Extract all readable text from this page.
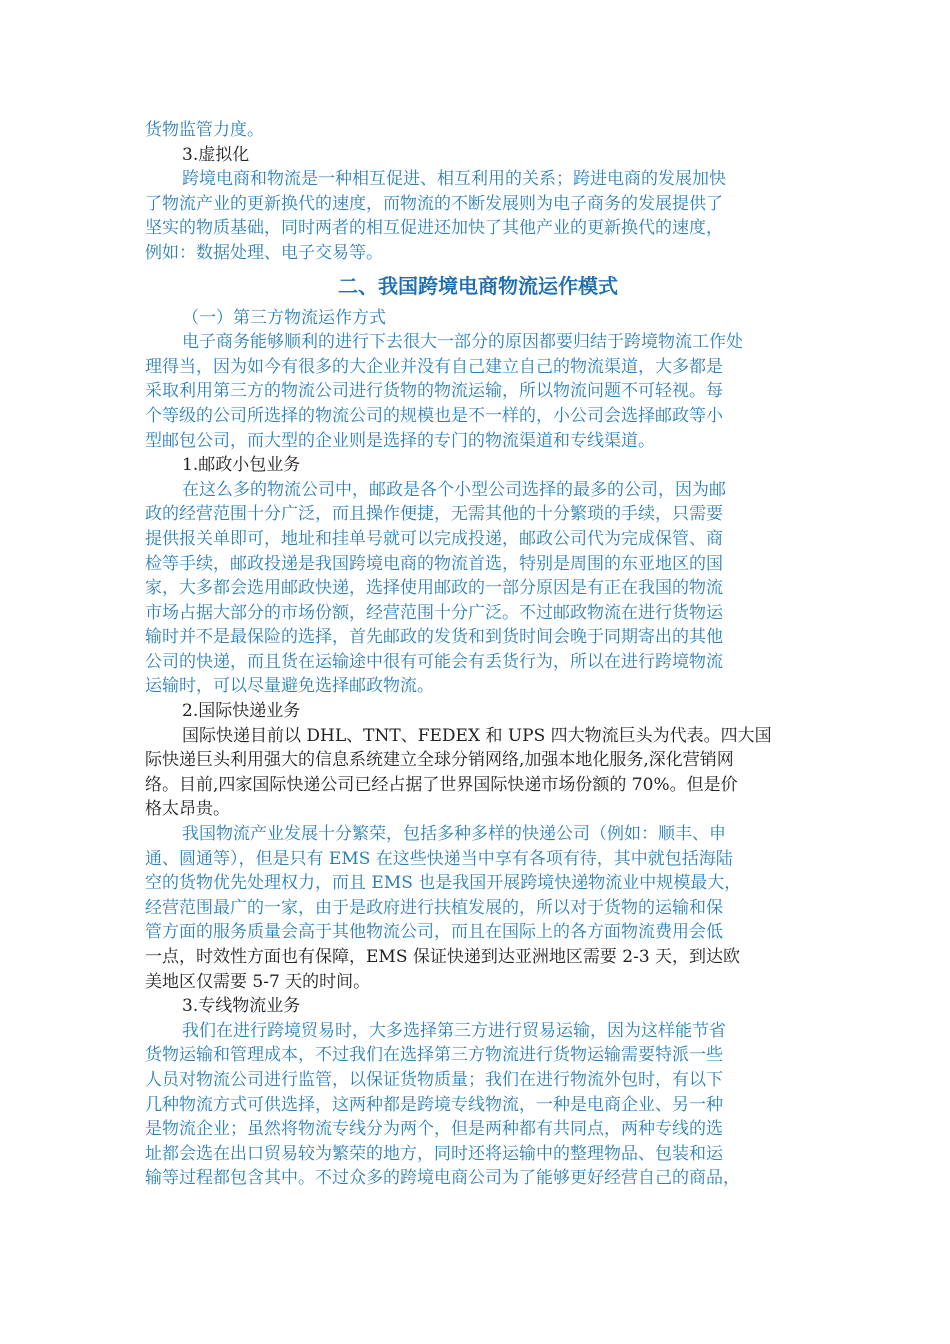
货物监管力度。
3.虚拟化
跨境电商和物流是一种相互促进、相互利用的关系；跨进电商的发展加快
了物流产业的更新换代的速度，而物流的不断发展则为电子商务的发展提供了
坚实的物质基础，同时两者的相互促进还加快了其他产业的更新换代的速度，
例如：数据处理、电子交易等。
二、我国跨境电商物流运作模式
（一）第三方物流运作方式
电子商务能够顺利的进行下去很大一部分的原因都要归结于跨境物流工作处
理得当，因为如今有很多的大企业并没有自己建立自己的物流渠道，大多都是
采取利用第三方的物流公司进行货物的物流运输，所以物流问题不可轻视。每
个等级的公司所选择的物流公司的规模也是不一样的，小公司会选择邮政等小
型邮包公司，而大型的企业则是选择的专门的物流渠道和专线渠道。
1.邮政小包业务
在这么多的物流公司中，邮政是各个小型公司选择的最多的公司，因为邮
政的经营范围十分广泛，而且操作便捷，无需其他的十分繁琐的手续，只需要
提供报关单即可，地址和挂单号就可以完成投递，邮政公司代为完成保管、商
检等手续，邮政投递是我国跨境电商的物流首选，特别是周围的东亚地区的国
家，大多都会选用邮政快递，选择使用邮政的一部分原因是有正在我国的物流
市场占据大部分的市场份额，经营范围十分广泛。不过邮政物流在进行货物运
输时并不是最保险的选择，首先邮政的发货和到货时间会晚于同期寄出的其他
公司的快递，而且货在运输途中很有可能会有丢货行为，所以在进行跨境物流
运输时，可以尽量避免选择邮政物流。
2.国际快递业务
国际快递目前以 DHL、TNT、FEDEX 和 UPS 四大物流巨头为代表。四大国
际快递巨头利用强大的信息系统建立全球分销网络,加强本地化服务,深化营销网
络。目前,四家国际快递公司已经占据了世界国际快递市场份额的 70%。但是价
格太昂贵。
我国物流产业发展十分繁荣，包括多种多样的快递公司（例如：顺丰、申
通、圆通等），但是只有 EMS 在这些快递当中享有各项有待，其中就包括海陆
空的货物优先处理权力，而且 EMS 也是我国开展跨境快递物流业中规模最大，
经营范围最广的一家，由于是政府进行扶植发展的，所以对于货物的运输和保
管方面的服务质量会高于其他物流公司，而且在国际上的各方面物流费用会低
一点，时效性方面也有保障，EMS 保证快递到达亚洲地区需要 2-3 天，到达欧
美地区仅需要 5-7 天的时间。
3.专线物流业务
我们在进行跨境贸易时，大多选择第三方进行贸易运输，因为这样能节省
货物运输和管理成本，不过我们在选择第三方物流进行货物运输需要特派一些
人员对物流公司进行监管，以保证货物质量；我们在进行物流外包时，有以下
几种物流方式可供选择，这两种都是跨境专线物流，一种是电商企业、另一种
是物流企业；虽然将物流专线分为两个，但是两种都有共同点，两种专线的选
址都会选在出口贸易较为繁荣的地方，同时还将运输中的整理物品、包装和运
输等过程都包含其中。不过众多的跨境电商公司为了能够更好经营自己的商品，
